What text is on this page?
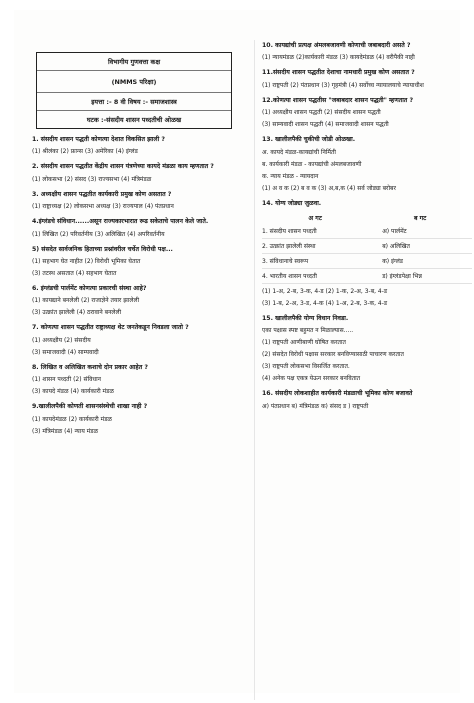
विभागीय गुणवत्ता कक्ष
(NMMS परिक्षा)
इयत्ता :- 8 वी विषय :- समाजशास्त्र
घटक :-संसदीय शासन पध्दतीची ओळख
1. संसदीय शासन पद्धती कोणत्या देशात विकसित झाली ?
(1) श्रीलंका (2) फ्रान्स (3) अमेरिका (4) इंग्लंड
2. संसदीय शासन पद्धतीत केंद्रीय शासन यंत्रणेच्या कायदे मंडळा काय म्हणतात ?
(1) लोकसभा (2) संसद (3) राज्यसभा (4) मंत्रिमंडळ
3. अध्यक्षीय शासन पद्धतीत कार्यकारी प्रमुख कोण असतात ?
(1) राष्ट्राध्यक्ष (2) लोकसभा अध्यक्ष (3) राज्यपाल (4) पंतप्रधान
4.इंग्लंडचे संविधान......असून राज्यकारभारात रूढ सकेताचे पालन केले जाते.
(1) लिखित (2) परिवर्तनीय (3) अलिखित (4) अपरिवर्तनीय
5) संसदेत सार्वजनिक हिताच्या प्रश्नांवरील चर्चेत विरोधी पक्ष...
(1) सहभाग घेत नाहीत (2) विरोधी भूमिका घेतात
(3) तटस्थ असतात (4) सहभाग घेतात
6. इंग्लंडची पार्लमेंट कोणत्या प्रकारची संस्था आहे?
(1) कायद्याने बनलेली (2) राजाज्ञेने तयार झालेली
(3) उत्क्रांत झालेली (4) ठरावाने बनलेली
7. कोणत्या शासन पद्धतीत राष्ट्राध्यक्ष थेट जनतेकडून निवडला जातो ?
(1) अध्यक्षीय (2) संसदीय
(3) समाजवादी (4) साम्यवादी
8. लिखित व अलिखित कशाचे दोन प्रकार आहेत ?
(1) शासन पध्दती (2) संविधान
(3) कायदे मंडळ (4) कार्यकारी मंडळ
9.खालीलपैकी कोणती शासनसंस्थेची शाखा नाही ?
(1) कायदेमंडळ (2) कार्यकारी मंडळ
(3) मंत्रिमंडळ (4) न्याय मंडळ
10. कायद्यांची प्रत्यक्ष अंमलबजावणी कोणाची जबाबदारी असते ?
(1) न्यायमंडळ (2)कार्यकारी मंडळ (3) कायदेमंडळ (4) वरीपैकी नाही
11.संसदीय शासन पद्धतीत देशाचा नामधारी प्रमुख कोण असतात ?
(1) राष्ट्रपती (2) पंतप्रधान (3) गृहमंत्री (4) सर्वोच्च न्यायालयाचे न्यायाधीश
12.कोणत्या शासन पद्धतीस "जबाबदार शासन पद्धती" म्हणतात ?
(1) अध्यक्षीय शासन पद्धती (2) संसदीय शासन पद्धती
(3) साम्यवादी शासन पद्धती (4) समाजवादी शासन पद्धती
13. खालीलपैकी चुकीची जोडी ओळखा.
अ. कायदे मंडळ-कायद्यांची निर्मिती
ब. कार्यकारी मंडळ - कायद्यांची अंमलबजावणी
क. न्याय मंडळ - न्यायदान
(1) अ व क (2) ब व क (3) अ,ब,क (4) सर्व जोड्या बरोबर
14. योग्य जोड्या जुळवा.
अ गट	ब गट
1. संसदीय शासन पध्दती	अ) पार्लमेंट
2. उत्क्रांत झालेली संस्था	ब) अलिखित
3. संविधानाचे स्वरूप	क) इंग्लंड
4. भारतीय शासन पध्दती	ड) इंग्लंडपेक्षा भिन्न
(1) 1-अ, 2-ब, 3-क, 4-ड (2) 1-क, 2-अ, 3-ब, 4-ड
(3) 1-ब, 2-अ, 3-ड, 4-क (4) 1-अ, 2-ब, 3-क, 4-ड
15. खालीलपैकी योग्य विधान निवडा.
एका पक्षास स्पष्ट बहुमत न मिळाल्यास.....
(1) राष्ट्रपती आणीबाणी घोषित करतात
(2) संसदेत विरोधी पक्षास सरकार बनविण्यासाठी पाचारण करतात
(3) राष्ट्रपती लोकसभा विसर्जित करतात.
(4) अनेक पक्ष एकत्र येऊन सरकार बनवितात
16. संसदीय लोकशाहीत कार्यकारी मंडळाची भूमिका कोण बजावते
अ) पंतप्रधान ब) मंत्रिमंडळ क) संसद ड ) राष्ट्रपती
